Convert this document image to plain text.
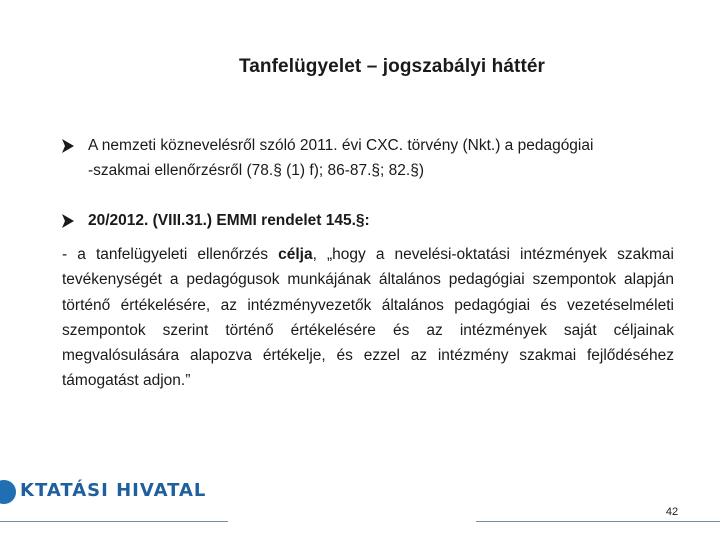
Tanfelügyelet – jogszabályi háttér
A nemzeti köznevelésről szóló 2011. évi CXC. törvény (Nkt.) a pedagógiai
-szakmai ellenőrzésről (78.§ (1) f); 86-87.§; 82.§)
20/2012. (VIII.31.) EMMI rendelet 145.§:
- a tanfelügyeleti ellenőrzés célja, „hogy a nevelési-oktatási intézmények szakmai tevékenységét a pedagógusok munkájának általános pedagógiai szempontok alapján történő értékelésére, az intézményvezetők általános pedagógiai és vezetéselméleti szempontok szerint történő értékelésére és az intézmények saját céljainak megvalósulására alapozva értékelje, és ezzel az intézmény szakmai fejlődéséhez támogatást adjon.”
KTATÁSI HIVATAL
42
